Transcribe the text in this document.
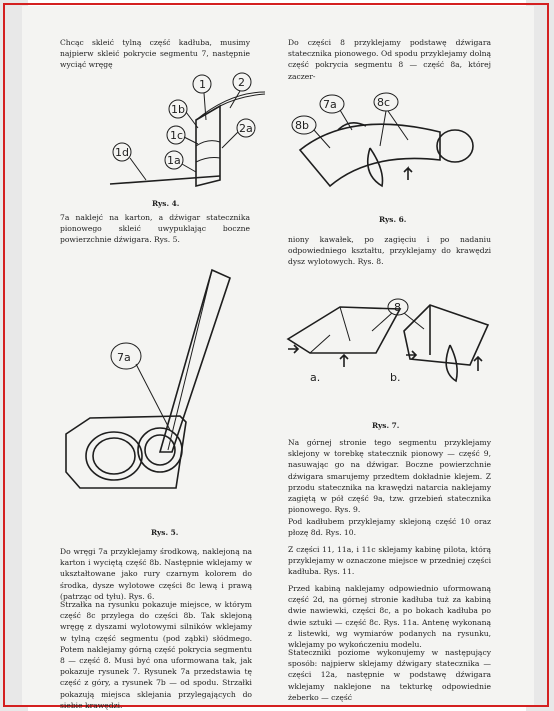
Chcąc skleić tylną część kadłuba, musimy najpierw skleić pokrycie segmentu 7, następnie wyciąć wręgę

1	2
1b
1c
2a
1d
1a
Rys. 4.

7a naklejć na karton, a dźwigar statecznika pionowego skleić uwypuklając boczne powierzchnie dźwigara. Rys. 5.

7a
Rys. 5.

Do wręgi 7a przyklejamy środkową, naklejoną na karton i wyciętą część 8b. Następnie wklejamy w ukształtowane jako rury czarnym kolorem do środka, dysze wylotowe części 8c lewą i prawą (patrząc od tyłu). Rys. 6.

Strzałka na rysunku pokazuje miejsce, w którym część 8c przylega do części 8b. Tak sklejoną wręgę z dyszami wylotowymi silników wklejamy w tylną część segmentu (pod ząbki) słódmego. Potem naklejamy górną część pokrycia segmentu 8 — część 8. Musi być ona uformowana tak, jak pokazuje rysunek 7. Rysunek 7a przedstawia tę część z góry, a rysunek 7b — od spodu. Strzałki pokazują miejsca sklejania przylegających do siebie krawędzi.

Do części 8 przyklejamy podstawę dźwigara statecznika pionowego. Od spodu przyklejamy dolną część pokrycia segmentu 8 — część 8a, której zaczer-

7a	8c
8b
Rys. 6.

niony kawałek, po zagięciu i po nadaniu odpowiedniego kształtu, przyklejamy do krawędzi dysz wylotowych. Rys. 8.

8
a.	b.
Rys. 7.

Na górnej stronie tego segmentu przyklejamy sklejony w torebkę statecznik pionowy — część 9, nasuwając go na dźwigar. Boczne powierzchnie dźwigara smarujemy przedtem dokładnie klejem. Z przodu statecznika na krawędzi natarcia naklejamy zagiętą w pół część 9a, tzw. grzebień statecznika pionowego. Rys. 9.

Pod kadłubem przyklejamy sklejoną część 10 oraz płozę 8d. Rys. 10.

Z części 11, 11a, i 11c sklejamy kabinę pilota, którą przyklejamy w oznaczone miejsce w przedniej części kadłuba. Rys. 11.

Przed kabiną naklejamy odpowiednio uformowaną część 2d, na górnej stronie kadłuba tuż za kabiną dwie nawiewki, części 8c, a po bokach kadłuba po dwie sztuki — część 8c. Rys. 11a. Antenę wykonaną z listewki, wg wymiarów podanych na rysunku, wklejamy po wykończeniu modelu.

Stateczniki poziome wykonujemy w następujący sposób: najpierw sklejamy dźwigary statecznika — części 12a, następnie w podstawę dźwigara wklejamy naklejone na tekturkę odpowiednie żeberko — część
